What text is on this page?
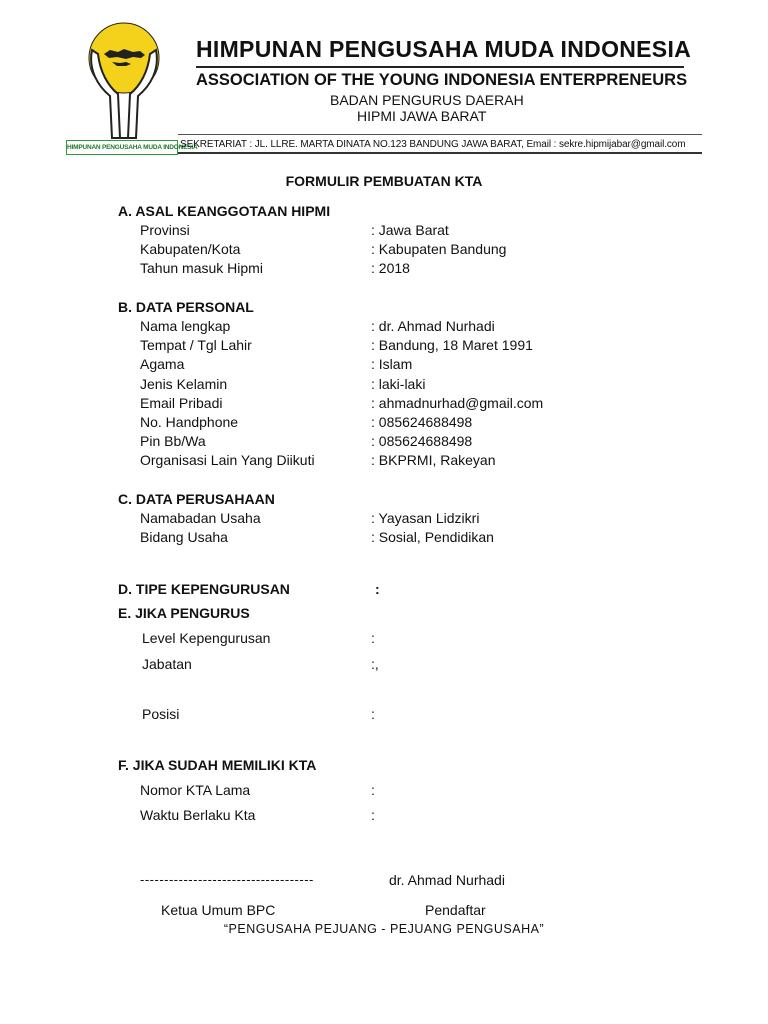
HIMPUNAN PENGUSAHA MUDA INDONESIA
HIMPUNAN PENGUSAHA MUDA INDONESIA
ASSOCIATION OF THE YOUNG INDONESIA ENTERPRENEURS
BADAN PENGURUS DAERAH
HIPMI JAWA BARAT
SEKRETARIAT : JL. LLRE. MARTA DINATA NO.123 BANDUNG JAWA BARAT, Email : sekre.hipmijabar@gmail.com
FORMULIR PEMBUATAN KTA
A. ASAL KEANGGOTAAN HIPMI
Provinsi	: Jawa Barat
Kabupaten/Kota	: Kabupaten Bandung
Tahun masuk Hipmi	: 2018
B. DATA PERSONAL
Nama lengkap	: dr. Ahmad Nurhadi
Tempat / Tgl Lahir	: Bandung, 18 Maret 1991
Agama	: Islam
Jenis Kelamin	: laki-laki
Email Pribadi	: ahmadnurhad@gmail.com
No. Handphone	: 085624688498
Pin Bb/Wa	: 085624688498
Organisasi Lain Yang Diikuti	: BKPRMI, Rakeyan
C. DATA PERUSAHAAN
Namabadan Usaha	: Yayasan Lidzikri
Bidang Usaha	: Sosial, Pendidikan
D. TIPE KEPENGURUSAN	:
E. JIKA PENGURUS
Level Kepengurusan	:
Jabatan	:,
Posisi	:
F. JIKA SUDAH MEMILIKI KTA
Nomor KTA Lama	:
Waktu Berlaku Kta	:
------------------------------------	dr. Ahmad Nurhadi
Ketua Umum BPC	Pendaftar
“PENGUSAHA PEJUANG - PEJUANG PENGUSAHA”
